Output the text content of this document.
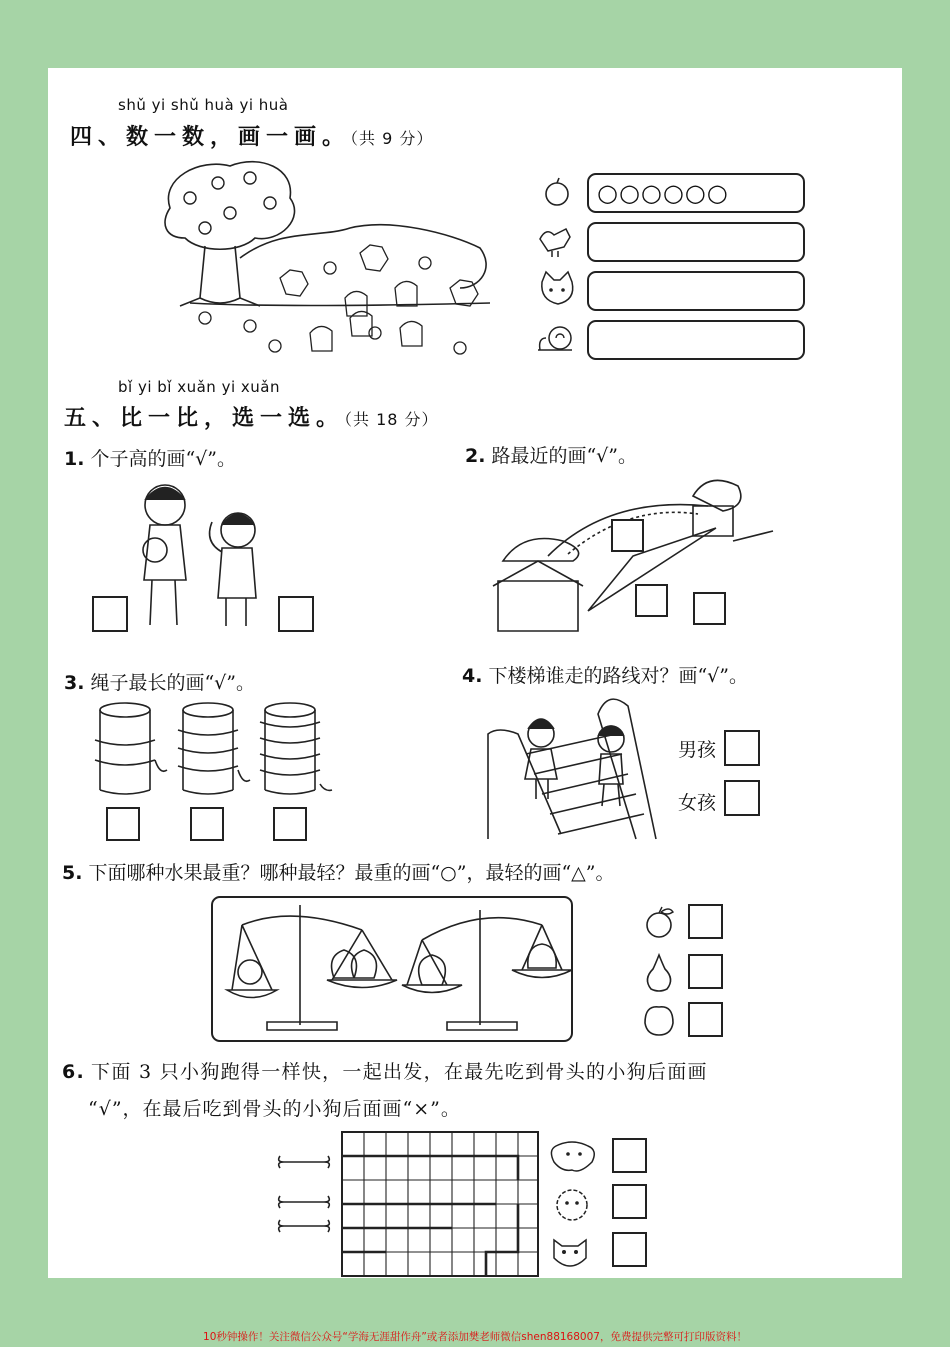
shǔ yi shǔ huà yi huà
四、数一数，画一画。（共 9 分）
○○○○○○
bǐ yi bǐ xuǎn yi xuǎn
五、比一比，选一选。（共 18 分）
1. 个子高的画“√”。	2. 路最近的画“√”。
3. 绳子最长的画“√”。	4. 下楼梯谁走的路线对？画“√”。
男孩
女孩
5. 下面哪种水果最重？哪种最轻？最重的画“○”，最轻的画“△”。
6. 下面 3 只小狗跑得一样快，一起出发，在最先吃到骨头的小狗后面画
“√”，在最后吃到骨头的小狗后面画“×”。
10秒钟操作！关注微信公众号“学海无涯甜作舟”或者添加樊老师微信shen88168007，免费提供完整可打印版资料！
